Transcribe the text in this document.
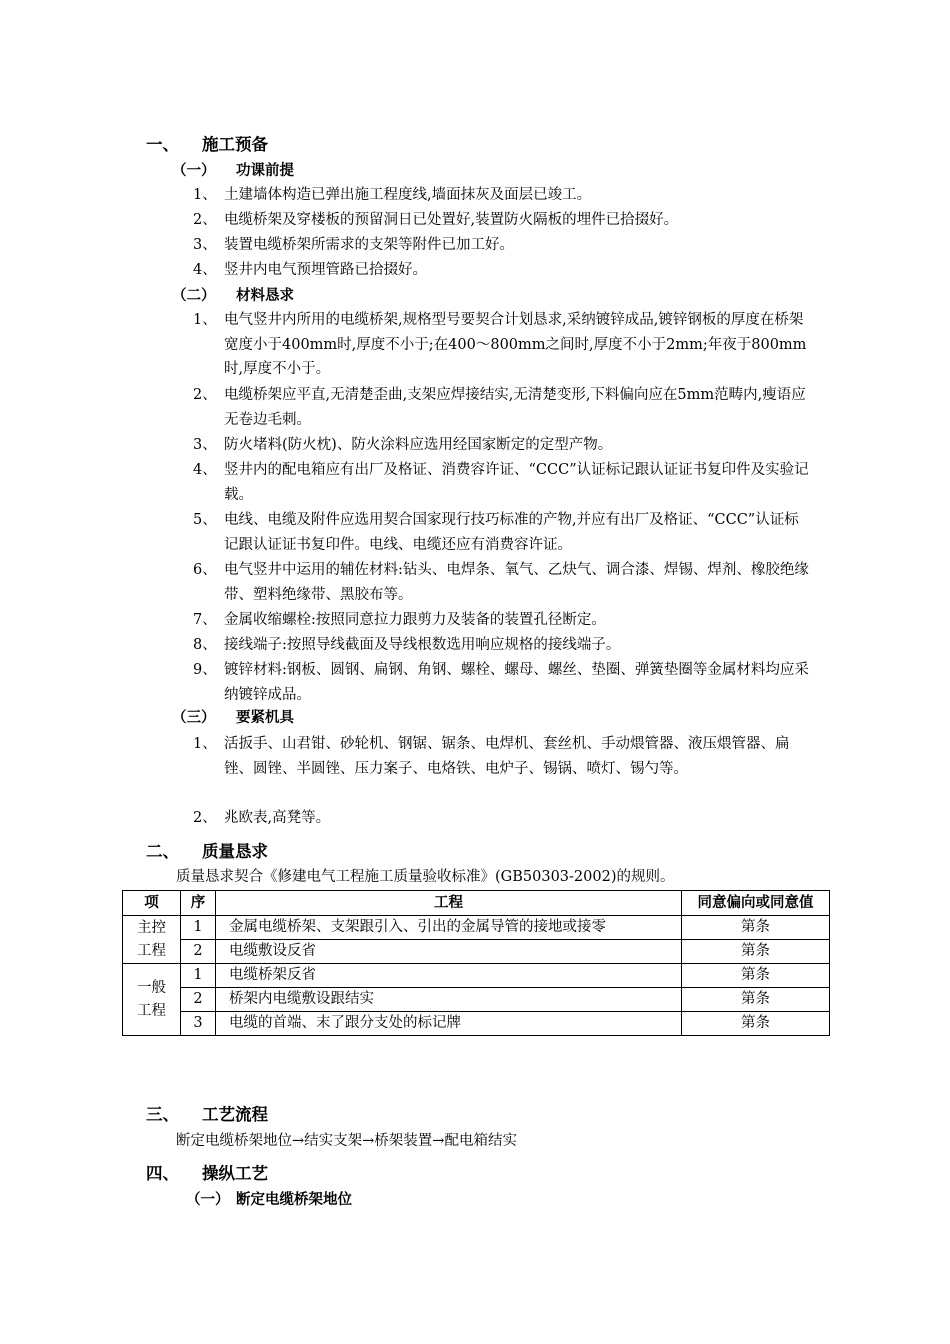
一、 施工预备
（一） 功课前提
1、 土建墙体构造已弹出施工程度线,墙面抹灰及面层已竣工。
2、 电缆桥架及穿楼板的预留洞日已处置好,装置防火隔板的埋件已拾掇好。
3、 装置电缆桥架所需求的支架等附件已加工好。
4、 竖井内电气预埋管路已拾掇好。
（二） 材料恳求
1、 电气竖井内所用的电缆桥架,规格型号要契合计划恳求,采纳镀锌成品,镀锌钢板的厚度在桥架宽度小于400mm时,厚度不小于;在400～800mm之间时,厚度不小于2mm;年夜于800mm时,厚度不小于。
2、 电缆桥架应平直,无清楚歪曲,支架应焊接结实,无清楚变形,下料偏向应在5mm范畴内,瘦语应无卷边毛刺。
3、 防火堵料(防火枕)、防火涂料应选用经国家断定的定型产物。
4、 竖井内的配电箱应有出厂及格证、消费容许证、“CCC”认证标记跟认证证书复印件及实验记载。
5、 电线、电缆及附件应选用契合国家现行技巧标准的产物,并应有出厂及格证、“CCC”认证标记跟认证证书复印件。电线、电缆还应有消费容许证。
6、 电气竖井中运用的辅佐材料:钻头、电焊条、氧气、乙炔气、调合漆、焊锡、焊剂、橡胶绝缘带、塑料绝缘带、黑胶布等。
7、 金属收缩螺栓:按照同意拉力跟剪力及装备的装置孔径断定。
8、 接线端子:按照导线截面及导线根数选用响应规格的接线端子。
9、 镀锌材料:钢板、圆钢、扁钢、角钢、螺栓、螺母、螺丝、垫圈、弹簧垫圈等金属材料均应采纳镀锌成品。
（三） 要紧机具
1、 活扳手、山君钳、砂轮机、钢锯、锯条、电焊机、套丝机、手动煨管器、液压煨管器、扁锉、圆锉、半圆锉、压力案子、电烙铁、电炉子、锡锅、喷灯、锡勺等。
2、 兆欧表,高凳等。
二、 质量恳求
质量恳求契合《修建电气工程施工质量验收标准》(GB50303-2002)的规则。
项	序	工程	同意偏向或同意值
主控工程	1	金属电缆桥架、支架跟引入、引出的金属导管的接地或接零	第条
	2	电缆敷设反省	第条
一般工程	1	电缆桥架反省	第条
	2	桥架内电缆敷设跟结实	第条
	3	电缆的首端、末了跟分支处的标记牌	第条
三、 工艺流程
断定电缆桥架地位→结实支架→桥架装置→配电箱结实
四、 操纵工艺
（一） 断定电缆桥架地位
